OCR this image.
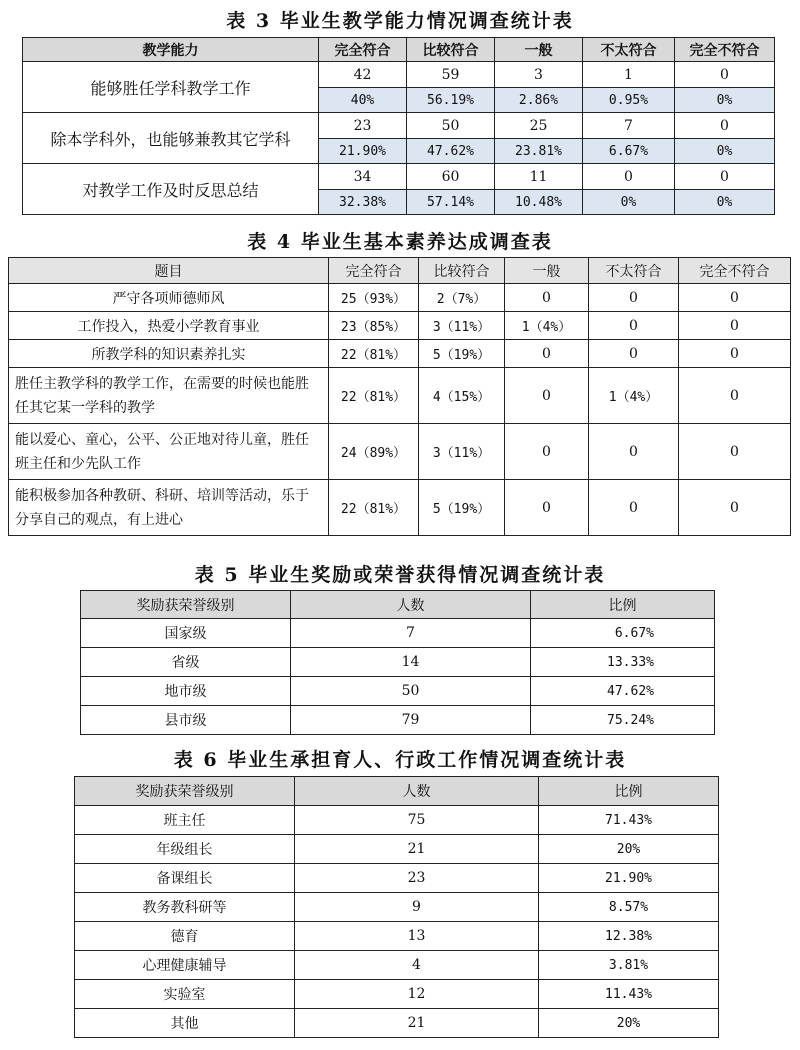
表 3 毕业生教学能力情况调查统计表
教学能力	完全符合	比较符合	一般	不太符合	完全不符合
能够胜任学科教学工作	42	59	3	1	0
	40%	56.19%	2.86%	0.95%	0%
除本学科外，也能够兼教其它学科	23	50	25	7	0
	21.90%	47.62%	23.81%	6.67%	0%
对教学工作及时反思总结	34	60	11	0	0
	32.38%	57.14%	10.48%	0%	0%
表 4 毕业生基本素养达成调查表
题目	完全符合	比较符合	一般	不太符合	完全不符合
严守各项师德师风	25（93%）	2（7%）	0	0	0
工作投入，热爱小学教育事业	23（85%）	3（11%）	1（4%）	0	0
所教学科的知识素养扎实	22（81%）	5（19%）	0	0	0
胜任主教学科的教学工作，在需要的时候也能胜任其它某一学科的教学	22（81%）	4（15%）	0	1（4%）	0
能以爱心、童心，公平、公正地对待儿童，胜任班主任和少先队工作	24（89%）	3（11%）	0	0	0
能积极参加各种教研、科研、培训等活动，乐于分享自己的观点，有上进心	22（81%）	5（19%）	0	0	0
表 5 毕业生奖励或荣誉获得情况调查统计表
奖励获荣誉级别	人数	比例
国家级	7	6.67%
省级	14	13.33%
地市级	50	47.62%
县市级	79	75.24%
表 6 毕业生承担育人、行政工作情况调查统计表
奖励获荣誉级别	人数	比例
班主任	75	71.43%
年级组长	21	20%
备课组长	23	21.90%
教务教科研等	9	8.57%
德育	13	12.38%
心理健康辅导	4	3.81%
实验室	12	11.43%
其他	21	20%
